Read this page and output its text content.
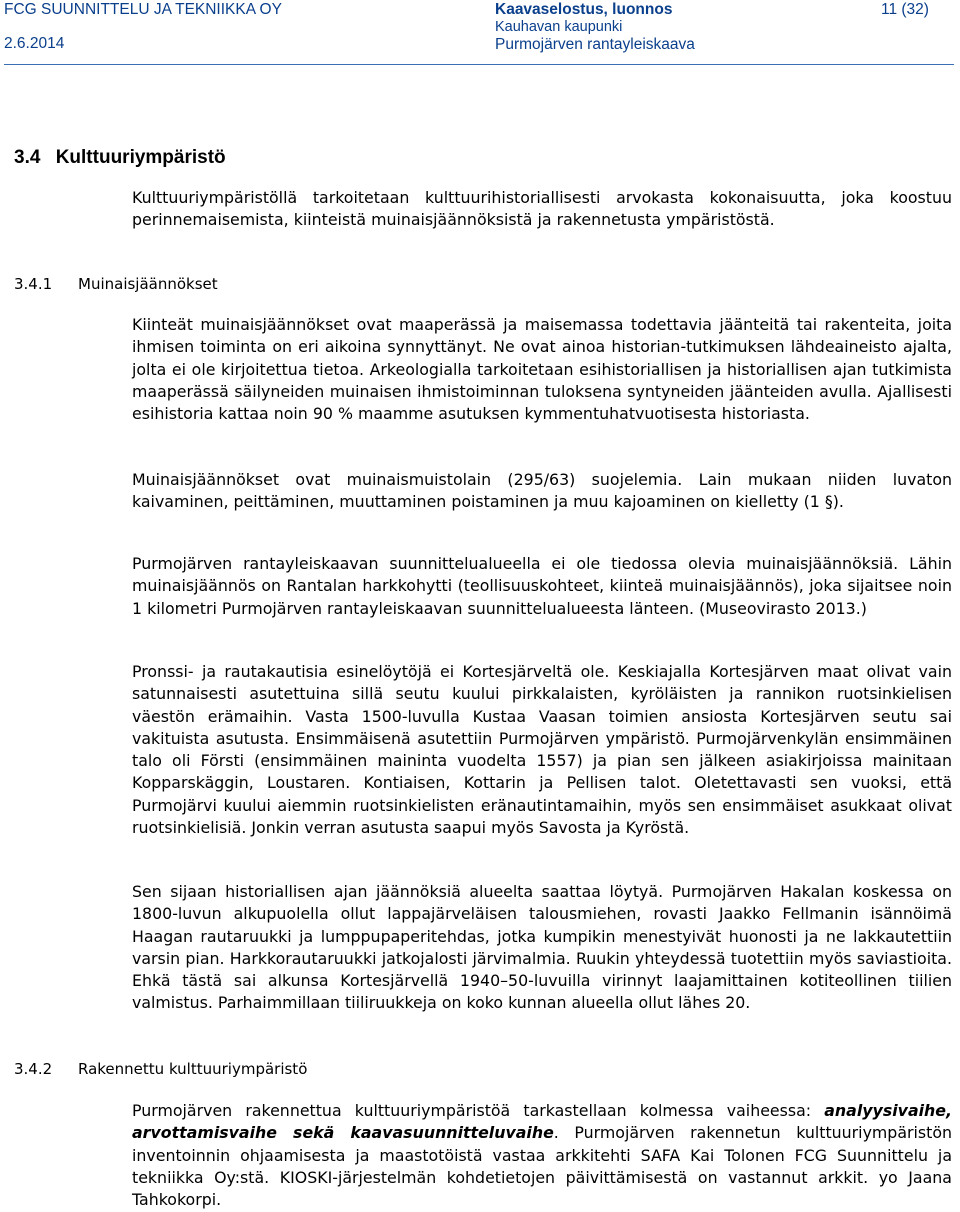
FCG SUUNNITTELU JA TEKNIIKKA OY
2.6.2014
Kaavaselostus, luonnos	11 (32)
Kauhavan kaupunki
Purmojärven rantayleiskaava
3.4 Kulttuuriympäristö
Kulttuuriympäristöllä tarkoitetaan kulttuurihistoriallisesti arvokasta kokonaisuutta, joka koostuu perinnemaisemista, kiinteistä muinaisjäännöksistä ja rakennetusta ympäristöstä.
3.4.1 Muinaisjäännökset
Kiinteät muinaisjäännökset ovat maaperässä ja maisemassa todettavia jäänteitä tai rakenteita, joita ihmisen toiminta on eri aikoina synnyttänyt. Ne ovat ainoa historian-tutkimuksen lähdeaineisto ajalta, jolta ei ole kirjoitettua tietoa. Arkeologialla tarkoitetaan esihistoriallisen ja historiallisen ajan tutkimista maaperässä säilyneiden muinaisen ihmistoiminnan tuloksena syntyneiden jäänteiden avulla. Ajallisesti esihistoria kattaa noin 90 % maamme asutuksen kymmentuhatvuotisesta historiasta.
Muinaisjäännökset ovat muinaismuistolain (295/63) suojelemia. Lain mukaan niiden luvaton kaivaminen, peittäminen, muuttaminen poistaminen ja muu kajoaminen on kielletty (1 §).
Purmojärven rantayleiskaavan suunnittelualueella ei ole tiedossa olevia muinaisjäännöksiä. Lähin muinaisjäännös on Rantalan harkkohytti (teollisuuskohteet, kiinteä muinaisjäännös), joka sijaitsee noin 1 kilometri Purmojärven rantayleiskaavan suunnittelualueesta länteen. (Museovirasto 2013.)
Pronssi- ja rautakautisia esinelöytöjä ei Kortesjärveltä ole. Keskiajalla Kortesjärven maat olivat vain satunnaisesti asutettuina sillä seutu kuului pirkkalaisten, kyröläisten ja rannikon ruotsinkielisen väestön erämaihin. Vasta 1500-luvulla Kustaa Vaasan toimien ansiosta Kortesjärven seutu sai vakituista asutusta. Ensimmäisenä asutettiin Purmojärven ympäristö. Purmojärvenkylän ensimmäinen talo oli Försti (ensimmäinen maininta vuodelta 1557) ja pian sen jälkeen asiakirjoissa mainitaan Kopparskäggin, Loustaren. Kontiaisen, Kottarin ja Pellisen talot. Oletettavasti sen vuoksi, että Purmojärvi kuului aiemmin ruotsinkielisten eränautintamaihin, myös sen ensimmäiset asukkaat olivat ruotsinkielisiä. Jonkin verran asutusta saapui myös Savosta ja Kyröstä.
Sen sijaan historiallisen ajan jäännöksiä alueelta saattaa löytyä. Purmojärven Hakalan koskessa on 1800-luvun alkupuolella ollut lappajärveläisen talousmiehen, rovasti Jaakko Fellmanin isännöimä Haagan rautaruukki ja lumppupaperitehdas, jotka kumpikin menestyivät huonosti ja ne lakkautettiin varsin pian. Harkkorautaruukki jatkojalosti järvimalmia. Ruukin yhteydessä tuotettiin myös saviastioita. Ehkä tästä sai alkunsa Kortesjärvellä 1940–50-luvuilla virinnyt laajamittainen kotiteollinen tiilien valmistus. Parhaimmillaan tiiliruukkeja on koko kunnan alueella ollut lähes 20.
3.4.2 Rakennettu kulttuuriympäristö
Purmojärven rakennettua kulttuuriympäristöä tarkastellaan kolmessa vaiheessa: analyysivaihe, arvottamisvaihe sekä kaavasuunnitteluvaihe. Purmojärven rakennetun kulttuuriympäristön inventoinnin ohjaamisesta ja maastotöistä vastaa arkkitehti SAFA Kai Tolonen FCG Suunnittelu ja tekniikka Oy:stä. KIOSKI-järjestelmän kohdetietojen päivittämisestä on vastannut arkkit. yo Jaana Tahkokorpi.
